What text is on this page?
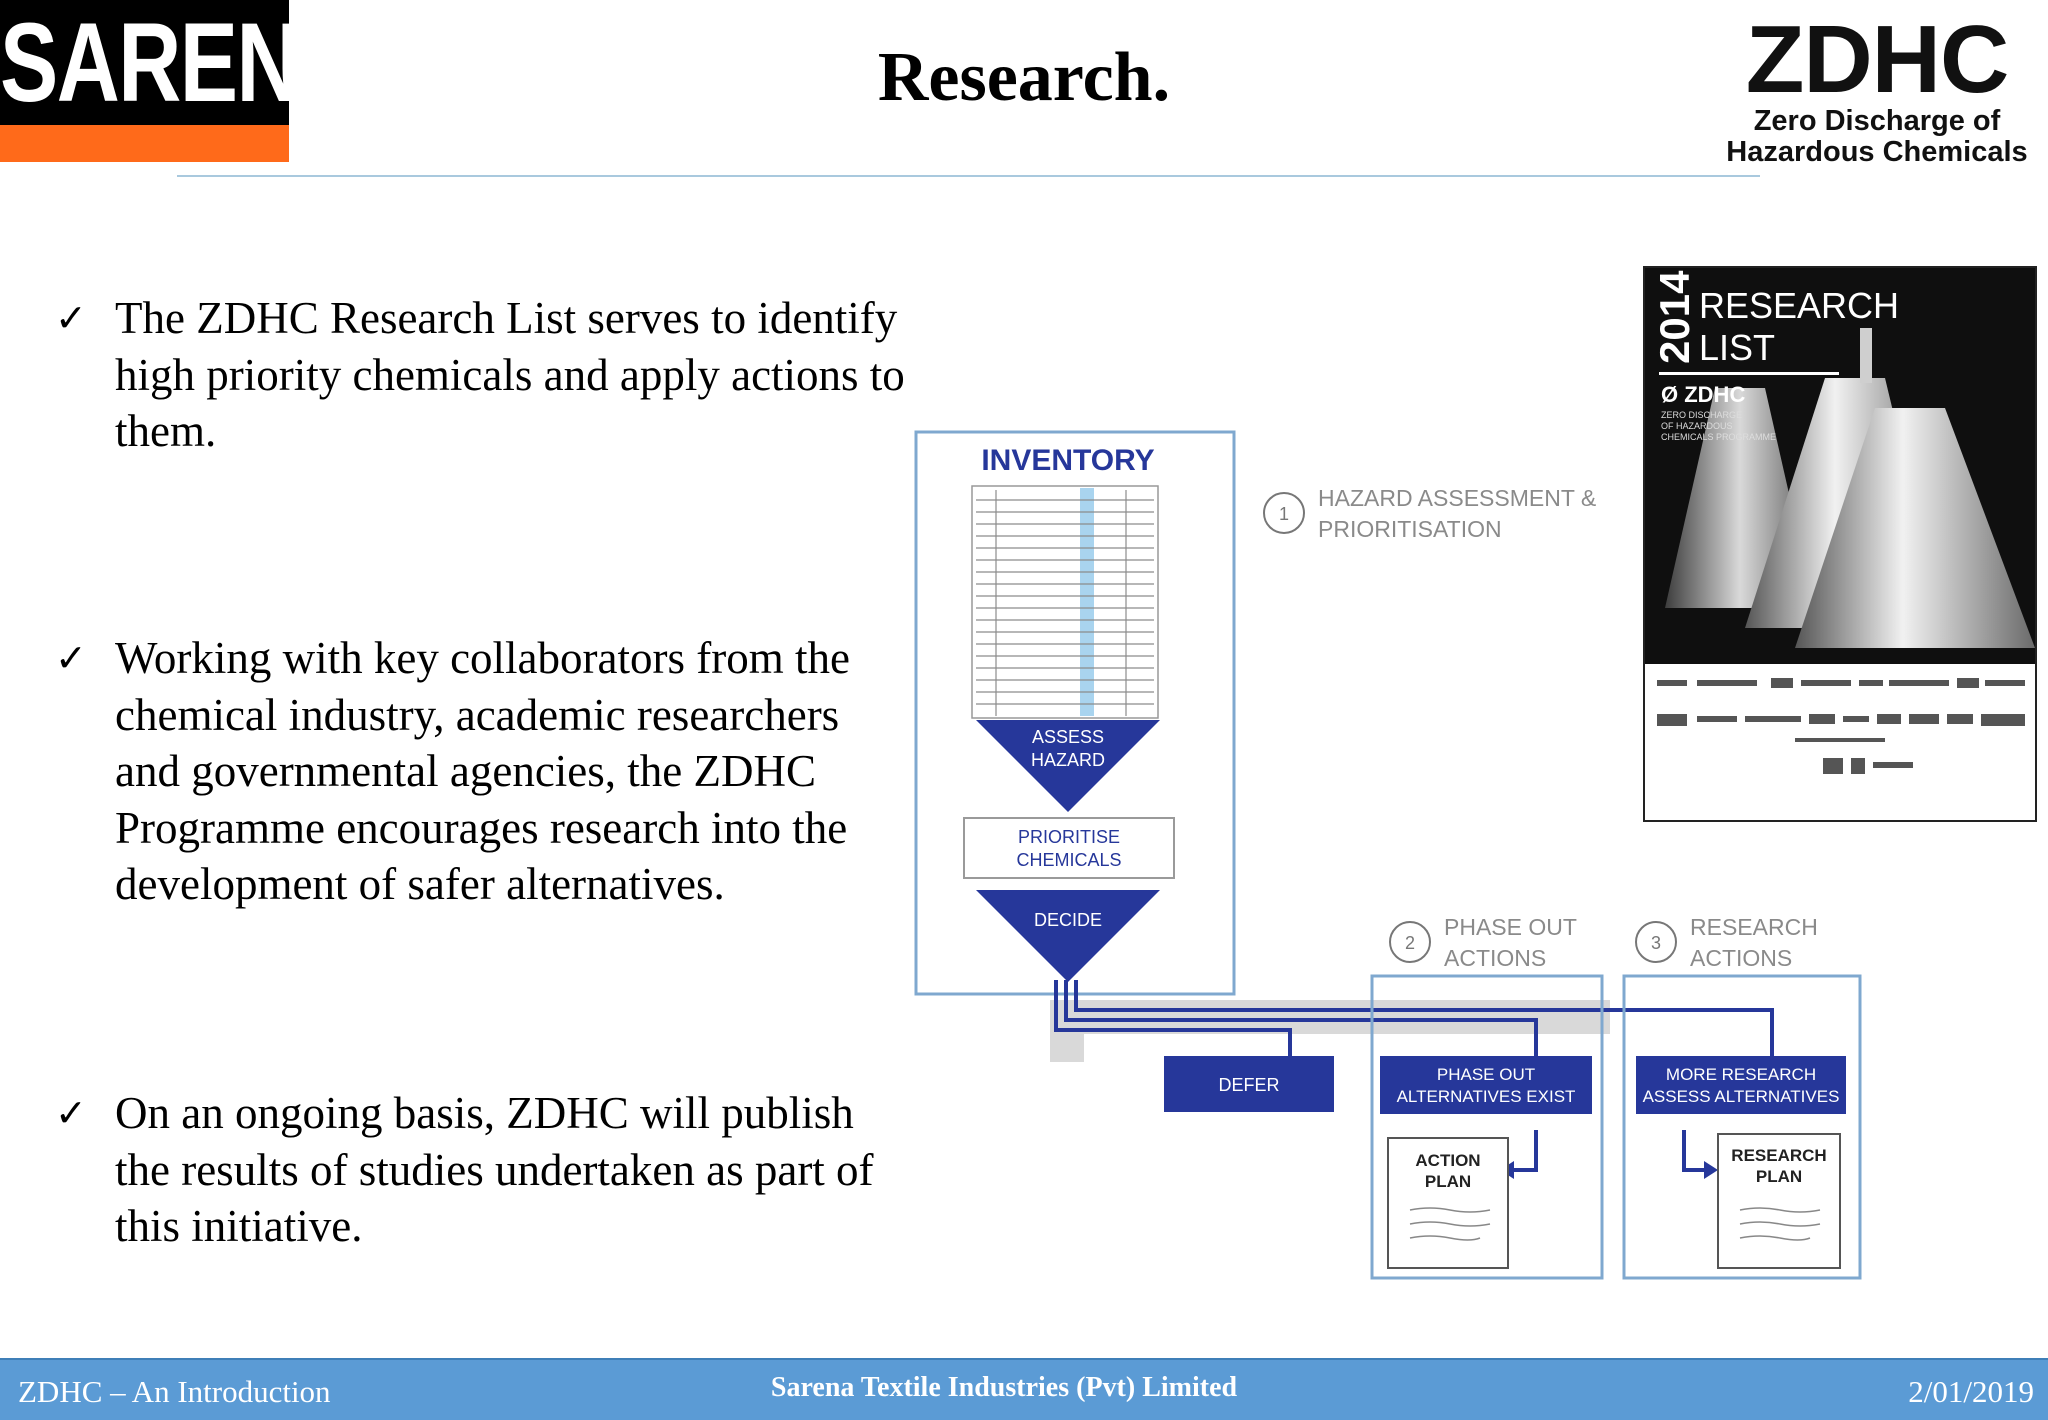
SARENA	Research.	ZDHC
Zero Discharge of
Hazardous Chemicals
✓ The ZDHC Research List serves to identify
high priority chemicals and apply actions to
them.
✓ Working with key collaborators from the
chemical industry, academic researchers
and governmental agencies, the ZDHC
Programme encourages research into the
development of safer alternatives.
✓ On an ongoing basis, ZDHC will publish
the results of studies undertaken as part of
this initiative.
INVENTORY
ASSESS
HAZARD
PRIORITISE
CHEMICALS
DECIDE
1
HAZARD ASSESSMENT &
PRIORITISATION
2
PHASE OUT
ACTIONS
3
RESEARCH
ACTIONS
DEFER
PHASE OUT
ALTERNATIVES EXIST
MORE RESEARCH
ASSESS ALTERNATIVES
ACTION
PLAN
RESEARCH
PLAN
2014 RESEARCH
LIST
Ø ZDHC
ZERO DISCHARGE
OF HAZARDOUS
CHEMICALS PROGRAMME
ZDHC – An Introduction	Sarena Textile Industries (Pvt) Limited	2/01/2019
